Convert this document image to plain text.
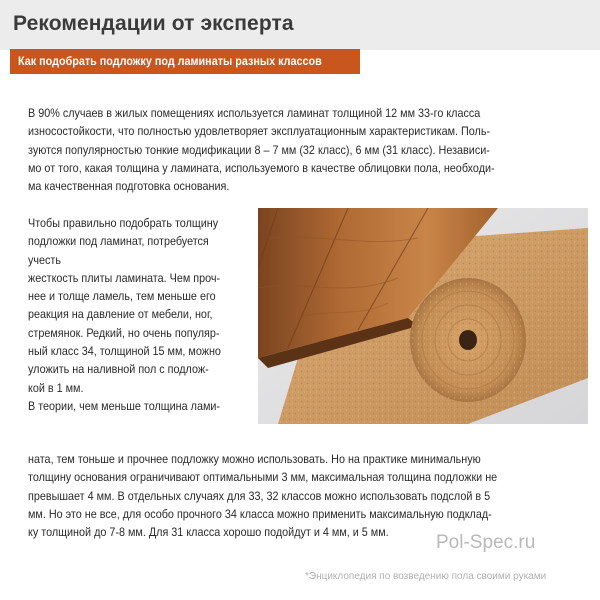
Рекомендации от эксперта
Как подобрать подложку под ламинаты разных классов
В 90% случаев в жилых помещениях используется ламинат толщиной 12 мм 33-го класса
износостойкости, что полностью удовлетворяет эксплуатационным характеристикам. Поль-
зуются популярностью тонкие модификации 8 – 7 мм (32 класс), 6 мм (31 класс). Независи-
мо от того, какая толщина у ламината, используемого в качестве облицовки пола, необходи-
ма качественная подготовка основания.
Чтобы правильно подобрать толщину
подложки под ламинат, потребуется
учесть
жесткость плиты ламината. Чем проч-
нее и толще ламель, тем меньше его
реакция на давление от мебели, ног,
стремянок. Редкий, но очень популяр-
ный класс 34, толщиной 15 мм, можно
уложить на наливной пол с подлож-
кой в 1 мм.
В теории, чем меньше толщина лами-
ната, тем тоньше и прочнее подложку можно использовать. Но на практике минимальную
толщину основания ограничивают оптимальными 3 мм, максимальная толщина подложки не
превышает 4 мм. В отдельных случаях для 33, 32 классов можно использовать подслой в 5
мм. Но это не все, для особо прочного 34 класса можно применить максимальную подклад-
ку толщиной до 7-8 мм. Для 31 класса хорошо подойдут и 4 мм, и 5 мм.	Pol-Spec.ru
*Энциклопедия по возведению пола своими руками
